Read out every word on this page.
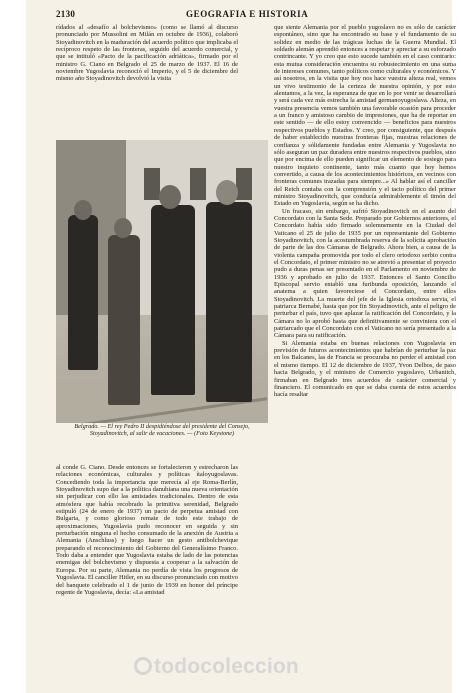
2130	GEOGRAFIA E HISTORIA

rídados al «desafío al bolchevismo» (como se llamó al discurso pronunciado por Mussolini en Milán en octubre de 1936), colaboró Stoyadinovitch en la maduración del acuerdo político que implicaba el recíproco respeto de las fronteras, seguido del acuerdo comercial, y que se intituló «Pacto de la pacificación adriática», firmado por el ministro G. Ciano en Belgrado el 25 de marzo de 1937. El 16 de noviembre Yugoslavia reconoció el Imperio, y el 5 de diciembre del mismo año Stoyadinovitch devolvió la visita

Belgrado. — El rey Pedro II despidiéndose del presidente del Consejo, Stoyadinovitch, al salir de vacaciones. — (Foto Keystone)

al conde G. Ciano. Desde entonces se fortalecieron y estrecharon las relaciones económicas, culturales y políticas ítaloyugoslavas. Concediendo toda la importancia que merecía al eje Roma-Berlín, Stoyadinovitch supo dar a la política danubiana una nueva orientación sin perjudicar con ello las amistades tradicionales. Dentro de esta atmósfera que había recobrado la primitiva serenidad, Belgrado estipuló (24 de enero de 1937) un pacto de perpetua amistad con Bulgaria, y como glorioso remate de todo este trabajo de aproximaciones, Yugoslavia pudo reconocer en seguida y sin perturbación ninguna el hecho consumado de la anexión de Austria a Alemania (Anschluss) y luego hacer un gesto antibolchevique preparando el reconocimiento del Gobierno del Generalísimo Franco. Todo daba a entender que Yugoslavia estaba de lado de las potencias enemigas del bolchevismo y dispuesta a cooperar a la salvación de Europa. Por su parte, Alemania no perdía de vista los progresos de Yugoslavia. El canciller Hitler, en su discurso pronunciado con motivo del banquete celebrado el 1 de junio de 1939 en honor del príncipe regente de Yugoslavia, decía: «La amistad

que siente Alemania por el pueblo yugoslavo no es sólo de carácter espontáneo, sino que ha encontrado su base y el fundamento de su solidez en medio de las trágicas luchas de la Guerra Mundial. El soldado alemán aprendió entonces a respetar y apreciar a su esforzado contrincante. Y yo creo que esto sucede también en el caso contrario: esta mutua consideración encuentra su robustecimiento en una suma de intereses comunes, tanto políticos como culturales y económicos. Y así nosotros, en la visita que hoy nos hace vuestra alteza real, vemos un vivo testimonio de la certeza de nuestra opinión, y por esto alentamos, a la vez, la esperanza de que en lo por venir se desarrollará y será cada vez más estrecha la amistad germanoyugoslava. Alteza, en vuestra presencia vemos también una favorable ocasión para proceder a un franco y amistoso cambio de impresiones, que ha de reportar en este sentido — de ello estoy convencido — beneficios para nuestros respectivos pueblos y Estados. Y creo, por consiguiente, que después de haber establecido nuestras fronteras fijas, nuestras relaciones de confianza y sólidamente fundadas entre Alemania y Yugoslavia no sólo aseguran un paz duradera entre nuestros respectivos pueblos, sino que por encima de ello pueden significar un elemento de sosiego para nuestro inquieto continente, tanto más cuanto que hoy hemos convertido, a causa de los acontecimientos históricos, en vecinos con fronteras comunes trazadas para siempre...» Al hablar así el canciller del Reich contaba con la comprensión y el tacto político del primer ministro Stoyadinovitch, que conducía admirablemente el timón del Estado en Yugoslavia, según se ha dicho.

Un fracaso, sin embargo, sufrió Stoyadinovitch en el asunto del Concordato con la Santa Sede. Preparado por Gobiernos anteriores, el Concordato había sido firmado solemnemente en la Ciudad del Vaticano el 25 de julio de 1935 por un representante del Gobierno Stoyadinovitch, con la acostumbrada reserva de la solícita aprobación de parte de las dos Cámaras de Belgrado. Ahora bien, a causa de la violenta campaña promovida por todo el clero ortodoxo serbio contra el Concordato, el primer ministro no se atrevió a presentar el proyecto pudo a duras penas ser presentado en el Parlamento en noviembre de 1936 y aprobado en julio de 1937. Entonces el Santo Concilio Episcopal servio entabló una furibunda oposición, lanzando el anatema a quien favoreciese el Concordato, entre ellos Stoyadinovitch. La muerte del jefe de la Iglesia ortodoxa servia, el patriarca Bernabé, hasta que por fin Stoyadinovitch, ante el peligro de perturbar el país, tuvo que aplazar la ratificación del Concordato, y la Cámara no lo aprobó hasta que definitivamente se conviniera con el patriarcado que el Concordato con el Vaticano no sería presentado a la Cámara para su ratificación.

Si Alemania estaba en buenas relaciones con Yugoslavia en previsión de futuros acontecimientos que habrían de perturbar la paz en los Balcanes, las de Francia se procuraba no perder el amistad con el mismo tiempo. El 12 de diciembre de 1937, Yvon Delbos, de paso hacia Belgrado, y el ministro de Comercio yugoslavo, Urbanitch, firmaban en Belgrado tres acuerdos de carácter comercial y financiero. El comunicado en que se daba cuenta de estos acuerdos hacía resaltar

todocoleccion
